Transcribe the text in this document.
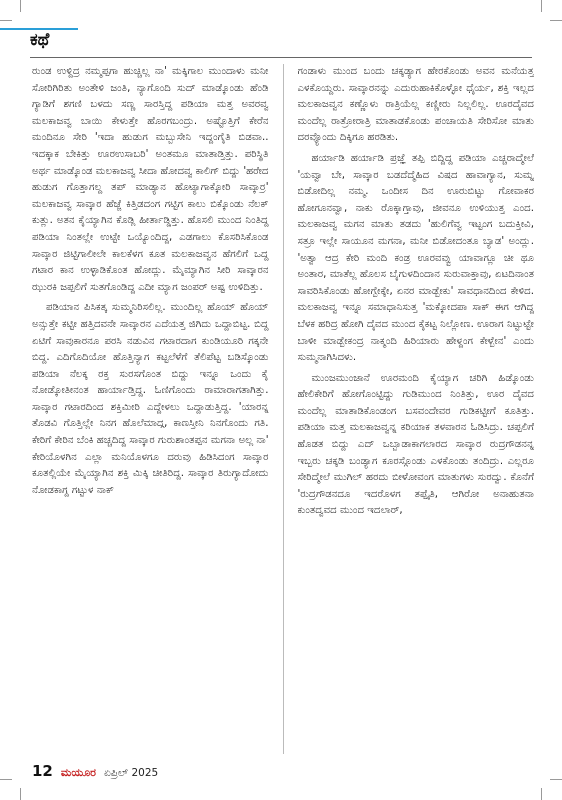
ಕಥೆ

ರುಂಡ ಉಳ್ದಿದ್ರ ನಮ್ಮಪ್ಪಗಾ ಹುಚ್ಚಿಲ್ಲ ನಾ' ಮಕ್ಕಿಗಾಲ ಮುಂದಾಳು ಮನೀ ಸೋರಿಗಿರಿತು ಅಂತೇಳಿ ಜಂತಿ, ನ್ಯಾಗೊಂದಿ ಸುದ್ ಮಾಡ್ಕೊಂಡು ಹೆಂಡಿ ಗ್ಯಾಡಿಗೆ ಶಗಣಿ ಬಳದು ಸಣ್ಣ ಸಾರಸ್ತಿದ್ದ ಪಡಿಯಾ ಮತ್ತ ಅವರವ್ವ ಮಲಕಾಜವ್ವ ಬಾಯಿ ಕೇಳುತ್ತೇ ಹೊರಗಬಂದ್ರು. ಅಷ್ಟೊತ್ತಿಗೆ ಕೇರೆನ ಮಂದಿನೂ ಸೇರಿ 'ಇದಾ ಹುಡುಗ ಮಬ್ಬುಸೇನಿ ಇದ್ದಂಗೈತಿ ಬಿಡವಾ.. ಇದಕ್ಕಾಕ ಬೇಕಿತ್ತು ಊರಉಸಾಬರಿ' ಅಂತಮೂ ಮಾತಾಡ್ತಿತ್ತು. ಪರಿಸ್ಥಿತಿ ಅರ್ಥ ಮಾಡ್ಕೊಂಡ ಮಲಕಾಜವ್ವ ಸೀದಾ ಹೋದವ್ವ ಕಾಲಿಗ್ ಬಿದ್ದು 'ಹರೇದ ಹುಡುಗ ಗೊತ್ತಾಗಲ್ದ ತಪ್ ಮಾಡ್ಯಾನ ಹೊಟ್ಯಾಗಾಕ್ಕೋರಿ ಸಾವ್ಕಾರ್ರ' ಮಲಕಾಜವ್ವ ಸಾವ್ಕಾರ ಹೆಜ್ಜೆ ಕಿತ್ತಿಡದಂಗ ಗಟ್ಟಿಗ ಕಾಲು ಬಿಕ್ಕೊಂಡು ನೆಲಕ್ ಕುತ್ಲು. ಅತನ ಕೈಯ್ಯಾಗಿನ ಕೊಡ್ಲಿ ಹೀರ್ತಾಡ್ಡಿತ್ತು. ಹೊಸಲಿ ಮುಂದ ನಿಂತಿದ್ದ ಪಡಿಯಾ ನಿಂತಲ್ಲೇ ಉಟ್ಟೇ ಒಯ್ಯೊಂದಿದ್ದ, ಎಡಗಾಲು ಕೊಸರಿಸಿಕೊಂಡ ಸಾವ್ಕಾರ ಜಿಟ್ಟಿಗಾಲೀಲೇ ಕಾಲಕೆಳಗ ಕೂತ ಮಲಕಾಜವ್ವನ ಹೆಗಲಿಗೆ ಒದ್ದ ಗಟಾರ ಕಾನ ಉಳ್ಳಾಡಿಕೊಂತ ಹೋದ್ಲು. ಮೈಮ್ಯಾಗಿನ ಸೀರಿ ಸಾವ್ಕಾರನ ಝುರಕಿ ಜಪ್ಪಲಿಗೆ ಸುತಗೊಂಡಿದ್ದ ಎದೀ ಮ್ಯಾಗ ಜಂಪರ್ ಅಷ್ಟ ಉಳಿದಿತ್ತು.

ಪಡಿಯಾನ ಪಿಸಿಕತ್ಕ ಸುಮ್ಮನಿರಿಸಲಿಲ್ಲ. ಮುಂದಿಲ್ಲ ಹೊಯ್ ಹೊಯ್ ಅನ್ಸುತ್ತೇ ಕಟ್ಟೀ ಹತ್ತಿದವನೇ ಸಾವ್ಕಾರನ ಎದೆಯತ್ತ ಜಿಗಿದು ಒದ್ದಾಬಿಟ್ಟ. ಬಿದ್ದ ಏಟಿಗೆ ಸಾವುಕಾರನೂ ಪರಸಿ ನಡುವಿನ ಗಟಾರದಾಗ ಕುಂಡಿಯೂರಿ ಗಕ್ಕನೇ ಬಿದ್ದ. ಎದಿಗೊದಿಯೋ ಹೊತ್ತಿನ್ಯಾಗ ಕಟ್ಟಲೆಳೆಗೆ ತೆಲಿಪೆಟ್ಟ ಬಡಿಸ್ಕೊಂಡು ಪಡಿಯಾ ನೆಲಕ್ಕ ರಕ್ತ ಸುರಸಗೊಂತ ಬಿದ್ದು ಇನ್ನೂ ಒಂದು ಕೈ ನೋಡ್ಕೋತೀನಂತ ಹಾರ್ಯಾಡ್ತಿದ್ದ. ಓಣಿಗೊಂದು ರಾಮಾರಾಗತಾಗಿತ್ತು. ಸಾವ್ಕಾರ ಗಟಾರದಿಂದ ಶಕ್ತಿಮೀರಿ ಎದ್ದೇಳಲು ಒದ್ದಾಡುತ್ತಿದ್ದ. 'ಯಾರನ್ನ ತೊಡವಿ ಗೊತ್ತಿಲ್ಲೇ ನಿನಗ ಹೊಲೆಮಾದ್ಗ, ಕಾಣಸ್ತೀನಿ ನಿನಗೊಂದು ಗತಿ. ಕೇರಿಗೆ ಕೇರಿನ ಬೆಂಕಿ ಹಚ್ಚದಿದ್ದ ಸಾವ್ಕಾರ ಗುರುಶಾಂತಪ್ಪನ ಮಗನಾ ಅಲ್ಲ ನಾ' ಕೇರಿಯೊಳಗಿನ ಎಲ್ಲಾ ಮನಿಯೊಳಗೂ ದರುವು ಹಿಡಿಸಿದಂಗ ಸಾವ್ಕಾರ ಕೂತಲ್ಲಿಯೇ ಮೈಯ್ಯಾಗಿನ ಶಕ್ತಿ ಮಿಕ್ಕಿ ಚೀತಿರಿದ್ದ. ಸಾವ್ಕಾರ ತಿರುಗ್ಯಾದೋದು ನೋಡಕಾಗ್ದ ಗಟ್ಟುಳ ನಾಕ್

ಗಂಡಾಳು ಮುಂದ ಬಂದು ಚಕ್ಕಡ್ಯಾಗ ಹೇರಕೊಂಡು ಅವನ ಮನೆಯತ್ತ ಎಳಕೊಯ್ದರು. ಸಾವ್ಕಾರನನ್ನು ಎದುರುಹಾಕಿಕೊಳ್ಳೋ ಧೈರ್ಯ, ಶಕ್ತಿ ಇಲ್ಲದ ಮಲಕಾಜವ್ವನ ಕಣ್ಣೊಳು ರಾತ್ರಿಯೆಲ್ಲ ಕಣ್ಣೀರು ನಿಲ್ಲಲಿಲ್ಲ. ಊರದೈವದ ಮಂದೆಲ್ಲ ರಾತ್ರೋರಾತ್ರಿ ಮಾತಾಡಕೊಂಡು ಪಂಚಾಯತಿ ಸೇರಿಸೋ ಮಾತು ದರವ್ಯೊಂದು ದಿಕ್ಕಿಗೂ ಹರಡಿತು.

ಹರ್ಯಾಡಿ ಹರ್ಯಾಡಿ ಪ್ರಜ್ಞೆ ತಪ್ಪಿ ಬಿದ್ದಿದ್ದ ಪಡಿಯಾ ಎಚ್ಚರಾದ್ಮೇಲೆ 'ಯವ್ವಾ ಬೇ, ಸಾವ್ಕಾರ ಬಡದೆದ್ಮೆಹಿದ ವಿಷದ ಹಾವಾಗ್ಯಾನ, ಸುಮ್ನ ಬಿಡೋದಿಲ್ಲ ನಮ್ಮ. ಒಂದೀಸ ದಿನ ಊರುಬಿಟ್ಟು ಗೋವಾಕರ ಹೋಗೂನವ್ವಾ, ನಾಕು ರೊಕ್ಕಾಗ್ತಾವು, ಜೀವನೂ ಉಳಿಯುತ್ತ ಎಂದ. ಮಲಕಾಜವ್ವ ಮಗನ ಮಾತು ತಡದು 'ಹುಲಿಗೆವ್ವ ಇಟ್ಟಂಗ ಬದುಕ್ತೀವಿ, ಸತ್ರೂ ಇಲ್ಲೇ ಸಾಯೂನ ಮಗನಾ, ಮನೀ ಬಿಡೋದಂತೂ ಬ್ಯಾಡ' ಅಂದ್ಲು. 'ಅತ್ವಾ ಆದ್ರ ಕೇರಿ ಮಂದಿ ಕಂಡ್ರ ಊರವವ್ವು ಯಾವಾಗ್ಲೂ ಚೀ ಥೂ ಅಂತಾರ, ಮಾತೆಲ್ಲ ಹೊಲಸ ಬೈಗುಳದಿಂದಾನ ಸುರುವಾಕ್ತಾವು, ಏಟದಿನಾಂತ ಸಾವರಿಸಿಕೊಂಡು ಹೋಗ್ಬೇಕ್ಕೇ, ಏನರ ಮಾಡ್ಬೇಕು' ಸಾವಧಾನದಿಂದ ಕೇಳಿದ. ಮಲಕಾಜವ್ವ ಇನ್ನೂ ಸಮಾಧಾನಿಸುತ್ತ 'ಮಕ್ಕೋದಪಾ ಸಾಕ್ ಈಗ ಆಗಿದ್ದ ಬೆಳಕ ಹರಿದ್ರ ಹೋಗಿ ದೈವದ ಮುಂದ ಕೈಕಟ್ಟ ನಿಲ್ಲೋಣ. ಊರಾಗ ನಿಟ್ಟುಟ್ಟೇ ಬಾಳೀ ಮಾಡ್ಬೇಕಂದ್ರ ನಾಕ್ಮಂದಿ ಹಿರಿಯಾರು ಹೇಳ್ದಂಗ ಕೇಳ್ಬೇನ' ಎಂದು ಸುಮ್ಮನಾಗಿಸಿದಳು.

ಮುಂಜಮುಂಜಾನೆ ಊರಮಂದಿ ಕೈಯ್ಯಾಗ ಚರಿಗಿ ಹಿಡ್ಕೊಂಡು ಹೇಲಿಕೇರಿಗೆ ಹೋಗೊಂಟ್ಟಿದ್ದು ಗುಡಿಮುಂದ ನಿಂತಿತ್ತು, ಊರ ದೈವದ ಮಂದೆಲ್ಲ ಮಾತಾಡಿಕೊಂಡಂಗ ಬಸವಂದೇವರ ಗುಡಿಕಟ್ಟೀಗೆ ಕೂತಿತ್ತು. ಪಡಿಯಾ ಮತ್ತ ಮಲಕಾಜವ್ವನ್ನ ಕರಿಯಾಕ ತಳವಾರನ ಓಡಿಸಿದ್ರು. ಚಪ್ಪಲಿಗೆ ಹೊಡತ ಬಿದ್ದು ಎದ್ ಒಬ್ಬಾಡಾಕಾಗಲಾರದ ಸಾವ್ಕಾರ ರುದ್ರಗೌಡನನ್ನ ಇಬ್ಬರು ಚಕ್ಕಡಿ ಬಂಡ್ಯಾಗ ಕೂರಸ್ಗೊಂಡು ಎಳಕೊಂಡು ತಂದಿದ್ರು. ಎಲ್ಲರೂ ಸೇರಿದ್ಮೇಲೆ ಮುಗಿಲ್ ಹರದು ಬೀಳೋವಂಗ ಮಾತುಗಳು ಸುರದ್ವು. ಕೊನೆಗೆ 'ರುದ್ರಗೌಡನದೂ ಇದರೊಳಗ ತಪ್ಪೈತಿ, ಆಗಿರೋ ಅನಾಹುತನಾ ಕುಂತದ್ವವದ ಮುಂದ ಇದಲಾರ್,

12 ಮಯೂರ ಏಪ್ರಿಲ್ 2025
